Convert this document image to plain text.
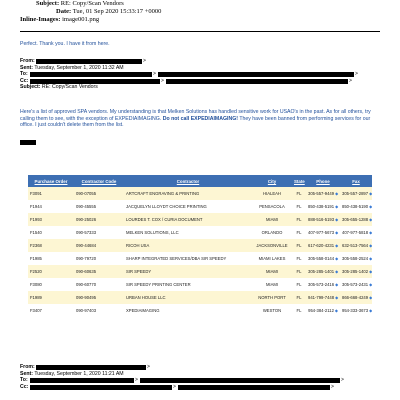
Subject: RE: Copy/Scan Vendors
Date: Tue, 01 Sep 2020 15:33:17 +0000
Inline-Images: image001.png
Perfect. Thank you. I have it from here.
From:
Sent: Tuesday, September 1, 2020 11:32 AM
To:
Cc:
Subject: RE: Copy/Scan Vendors
>
>	>
>	>
Here's a list of approved SPA vendors. My understanding is that Melken Solutions has handled sensitive work for USAO's in the past. As for all others, try calling them to see, with the exception of EXPEDIAIMAGING. Do not call EXPEDIAIMAGING! They have been banned from performing services for our office. I just couldn't delete them from the list.
Purchase Order	Contractor Code	Contractor	City	State	Phone	Fax
F3091	090-07055	ARTCRAFT ENGRAVING & PRINTING	HIALEAH	FL	305-557-9449◆	305-557-2897◆
F1944	090-45555	JACQUELYN LLOYDT CHOICE PRINTING	PENSACOLA	FL	850-438-5191◆	850-438-5190◆
F1993	090-25026	LOURDES T. COX / CURIA DOCUMENT	MIAMI	FL	888-516-5193◆	305-655-1288◆
F1540	090-57333	MELKEN SOLUTIONS, LLC	ORLANDO	FL	407-977-5673◆	407-977-5818◆
F2368	090-44684	RICOH USA	JACKSONVILLE	FL	617-620-4231◆	632-513-7564◆
F1985	090-79720	SHARP INTEGRATED SERVICES/DBA SIR SPEEDY	MIAMI LAKES	FL	305-558-0144◆	305-558-2524◆
F2520	090-60635	SIR SPEEDY	MIAMI	FL	305-285-1401◆	305-285-1402◆
F3080	090-60770	SIR SPEEDY PRINTING CENTER	MIAMI	FL	305-573-2416◆	305-573-2431◆
F1989	090-90495	URBAN HOUSE LLC	NORTH PORT	FL	941-799-7448◆	866-668-4249◆
F3407	090-97403	XPEDIAIMAGING	WESTON	FL	954-384-2112◆	954-333-3673◆
From:
Sent: Tuesday, September 1, 2020 11:21 AM
To:
Cc:
>
>	>
>	>
